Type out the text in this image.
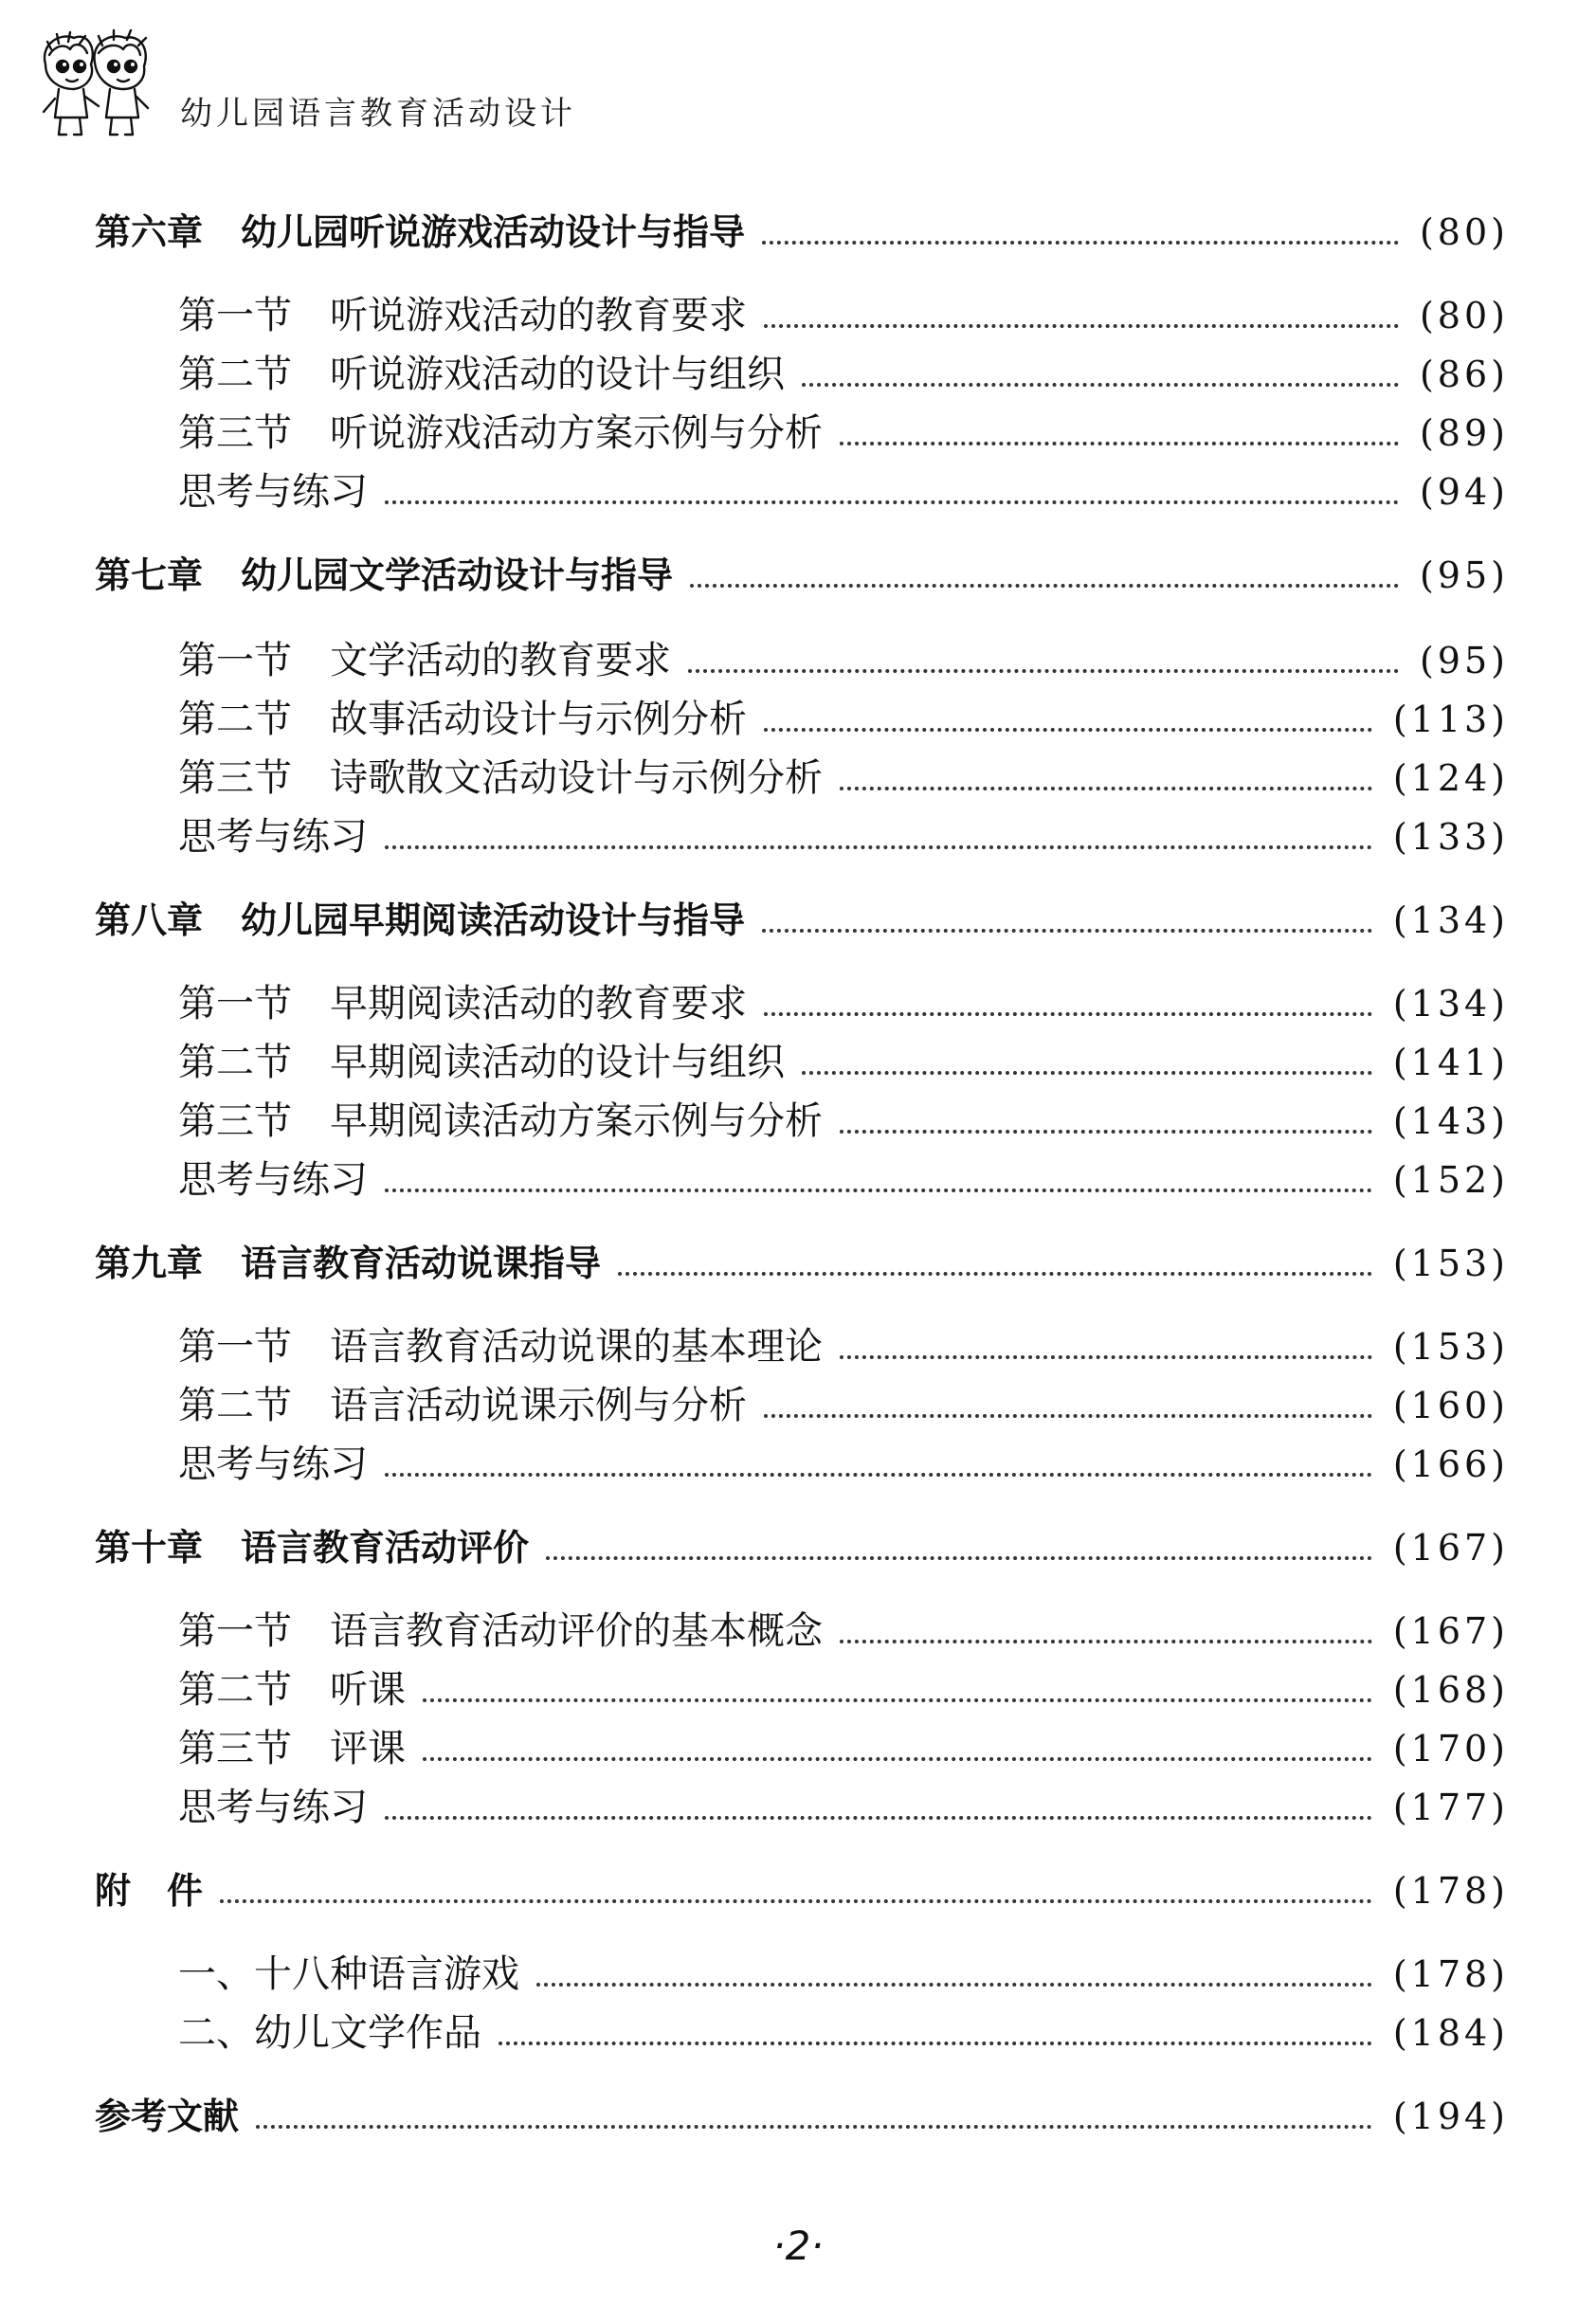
幼儿园语言教育活动设计
第六章 幼儿园听说游戏活动设计与指导	(80)
第一节 听说游戏活动的教育要求	(80)
第二节 听说游戏活动的设计与组织	(86)
第三节 听说游戏活动方案示例与分析	(89)
思考与练习	(94)
第七章 幼儿园文学活动设计与指导	(95)
第一节 文学活动的教育要求	(95)
第二节 故事活动设计与示例分析	(113)
第三节 诗歌散文活动设计与示例分析	(124)
思考与练习	(133)
第八章 幼儿园早期阅读活动设计与指导	(134)
第一节 早期阅读活动的教育要求	(134)
第二节 早期阅读活动的设计与组织	(141)
第三节 早期阅读活动方案示例与分析	(143)
思考与练习	(152)
第九章 语言教育活动说课指导	(153)
第一节 语言教育活动说课的基本理论	(153)
第二节 语言活动说课示例与分析	(160)
思考与练习	(166)
第十章 语言教育活动评价	(167)
第一节 语言教育活动评价的基本概念	(167)
第二节 听课	(168)
第三节 评课	(170)
思考与练习	(177)
附　件	(178)
一、十八种语言游戏	(178)
二、幼儿文学作品	(184)
参考文献	(194)
·2·
